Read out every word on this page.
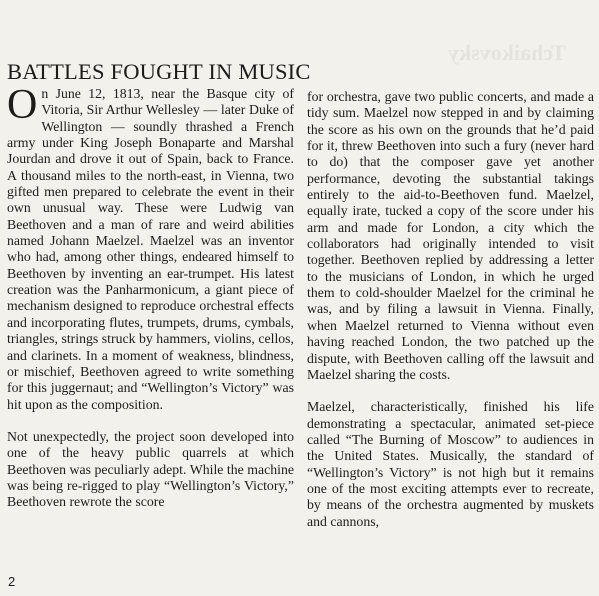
Tchaikovsky
BATTLES FOUGHT IN MUSIC

On June 12, 1813, near the Basque city of Vitoria, Sir Arthur Wellesley — later Duke of Wellington — soundly thrashed a French army under King Joseph Bonaparte and Marshal Jourdan and drove it out of Spain, back to France. A thousand miles to the north-east, in Vienna, two gifted men prepared to celebrate the event in their own unusual way. These were Ludwig van Beethoven and a man of rare and weird abilities named Johann Maelzel. Maelzel was an inventor who had, among other things, endeared himself to Beethoven by inventing an ear-trumpet. His latest creation was the Panharmonicum, a giant piece of mechanism designed to reproduce orchestral effects and incorporating flutes, trumpets, drums, cymbals, triangles, strings struck by hammers, violins, cellos, and clarinets. In a moment of weakness, blindness, or mischief, Beethoven agreed to write something for this juggernaut; and “Wellington’s Victory” was hit upon as the composition.

Not unexpectedly, the project soon developed into one of the heavy public quarrels at which Beethoven was peculiarly adept. While the machine was being re-rigged to play “Wellington’s Victory,” Beethoven rewrote the score

for orchestra, gave two public concerts, and made a tidy sum. Maelzel now stepped in and by claiming the score as his own on the grounds that he’d paid for it, threw Beethoven into such a fury (never hard to do) that the composer gave yet another performance, devoting the substantial takings entirely to the aid-to-Beethoven fund. Maelzel, equally irate, tucked a copy of the score under his arm and made for London, a city which the collaborators had originally intended to visit together. Beethoven replied by addressing a letter to the musicians of London, in which he urged them to cold-shoulder Maelzel for the criminal he was, and by filing a lawsuit in Vienna. Finally, when Maelzel returned to Vienna without even having reached London, the two patched up the dispute, with Beethoven calling off the lawsuit and Maelzel sharing the costs.

Maelzel, characteristically, finished his life demonstrating a spectacular, animated set-piece called “The Burning of Moscow” to audiences in the United States. Musically, the standard of “Wellington’s Victory” is not high but it remains one of the most exciting attempts ever to recreate, by means of the orchestra augmented by muskets and cannons,

2
